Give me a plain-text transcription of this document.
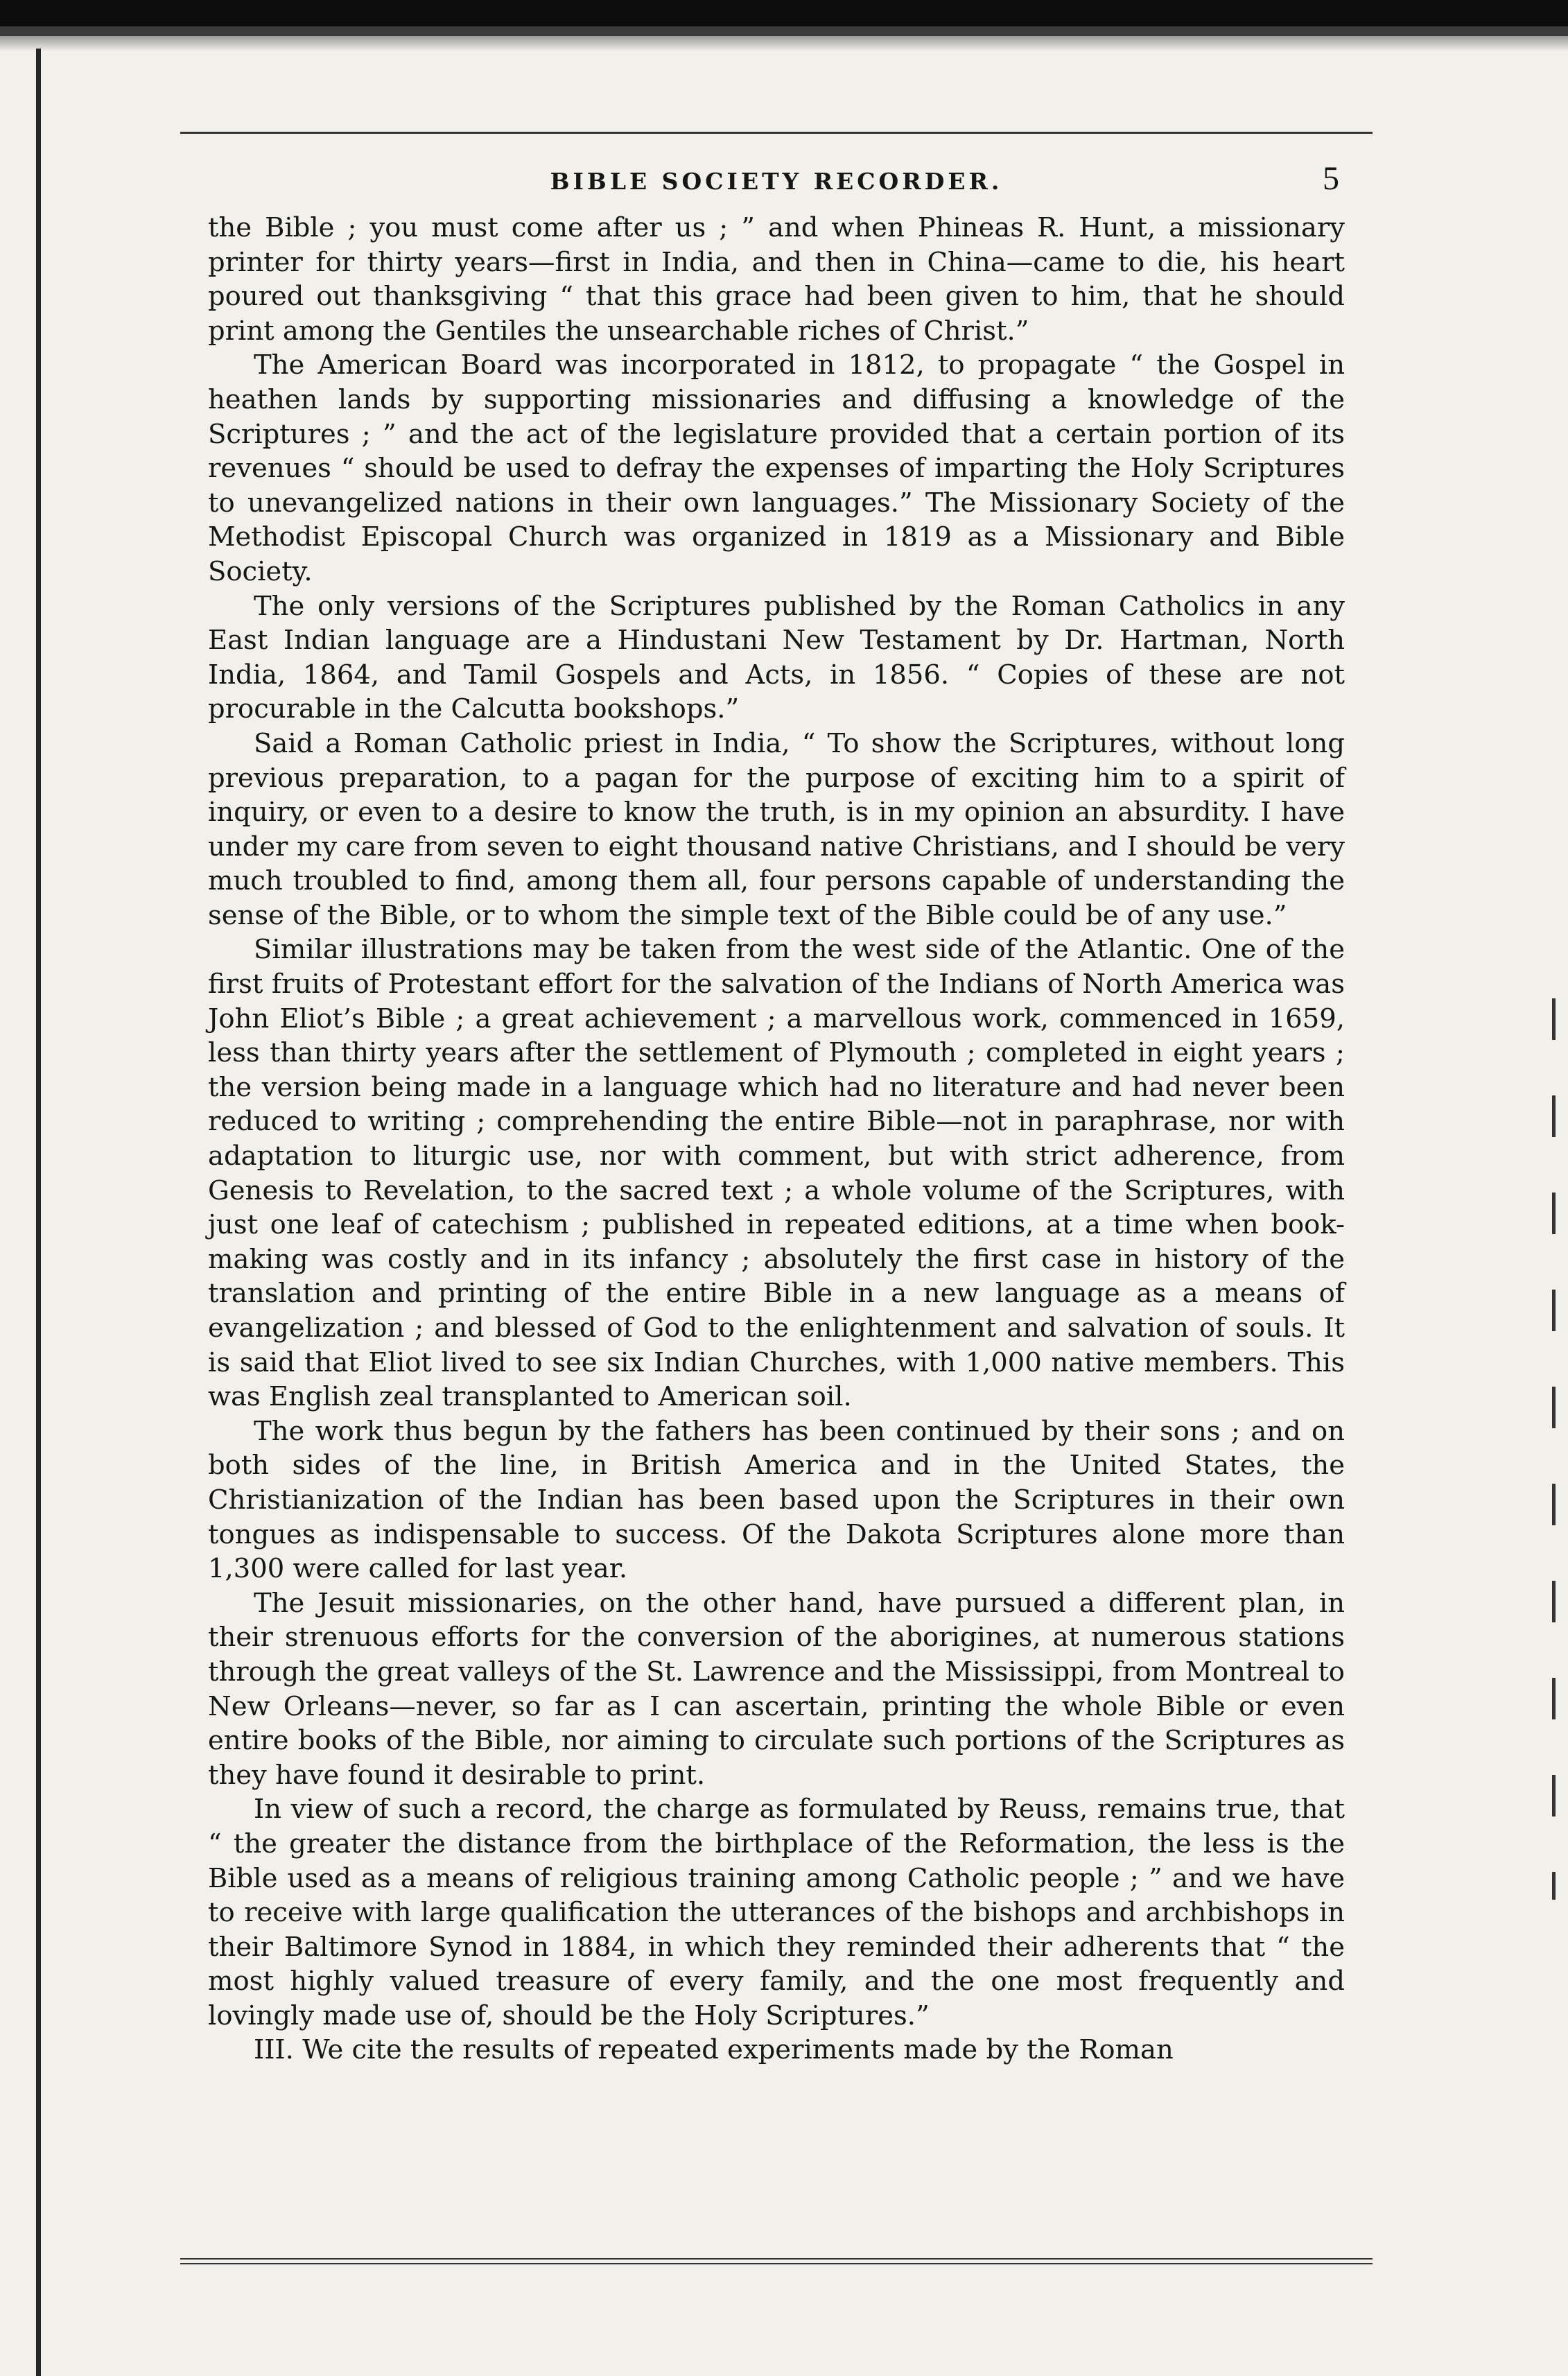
BIBLE SOCIETY RECORDER.	5

the Bible ; you must come after us ; ” and when Phineas R. Hunt, a missionary printer for thirty years—first in India, and then in China—came to die, his heart poured out thanksgiving “ that this grace had been given to him, that he should print among the Gentiles the unsearchable riches of Christ.”

The American Board was incorporated in 1812, to propagate “ the Gospel in heathen lands by supporting missionaries and diffusing a knowledge of the Scriptures ; ” and the act of the legislature provided that a certain portion of its revenues “ should be used to defray the expenses of imparting the Holy Scriptures to unevangelized nations in their own languages.” The Missionary Society of the Methodist Episcopal Church was organized in 1819 as a Missionary and Bible Society.

The only versions of the Scriptures published by the Roman Catholics in any East Indian language are a Hindustani New Testament by Dr. Hartman, North India, 1864, and Tamil Gospels and Acts, in 1856. “ Copies of these are not procurable in the Calcutta bookshops.”

Said a Roman Catholic priest in India, “ To show the Scriptures, without long previous preparation, to a pagan for the purpose of exciting him to a spirit of inquiry, or even to a desire to know the truth, is in my opinion an absurdity. I have under my care from seven to eight thousand native Christians, and I should be very much troubled to find, among them all, four persons capable of understanding the sense of the Bible, or to whom the simple text of the Bible could be of any use.”

Similar illustrations may be taken from the west side of the Atlantic. One of the first fruits of Protestant effort for the salvation of the Indians of North America was John Eliot’s Bible ; a great achievement ; a marvellous work, commenced in 1659, less than thirty years after the settlement of Plymouth ; completed in eight years ; the version being made in a language which had no literature and had never been reduced to writing ; comprehending the entire Bible—not in paraphrase, nor with adaptation to liturgic use, nor with comment, but with strict adherence, from Genesis to Revelation, to the sacred text ; a whole volume of the Scriptures, with just one leaf of catechism ; published in repeated editions, at a time when book-making was costly and in its infancy ; absolutely the first case in history of the translation and printing of the entire Bible in a new language as a means of evangelization ; and blessed of God to the enlightenment and salvation of souls. It is said that Eliot lived to see six Indian Churches, with 1,000 native members. This was English zeal transplanted to American soil.

The work thus begun by the fathers has been continued by their sons ; and on both sides of the line, in British America and in the United States, the Christianization of the Indian has been based upon the Scriptures in their own tongues as indispensable to success. Of the Dakota Scriptures alone more than 1,300 were called for last year.

The Jesuit missionaries, on the other hand, have pursued a different plan, in their strenuous efforts for the conversion of the aborigines, at numerous stations through the great valleys of the St. Lawrence and the Mississippi, from Montreal to New Orleans—never, so far as I can ascertain, printing the whole Bible or even entire books of the Bible, nor aiming to circulate such portions of the Scriptures as they have found it desirable to print.

In view of such a record, the charge as formulated by Reuss, remains true, that “ the greater the distance from the birthplace of the Reformation, the less is the Bible used as a means of religious training among Catholic people ; ” and we have to receive with large qualification the utterances of the bishops and archbishops in their Baltimore Synod in 1884, in which they reminded their adherents that “ the most highly valued treasure of every family, and the one most frequently and lovingly made use of, should be the Holy Scriptures.”

III. We cite the results of repeated experiments made by the Roman
